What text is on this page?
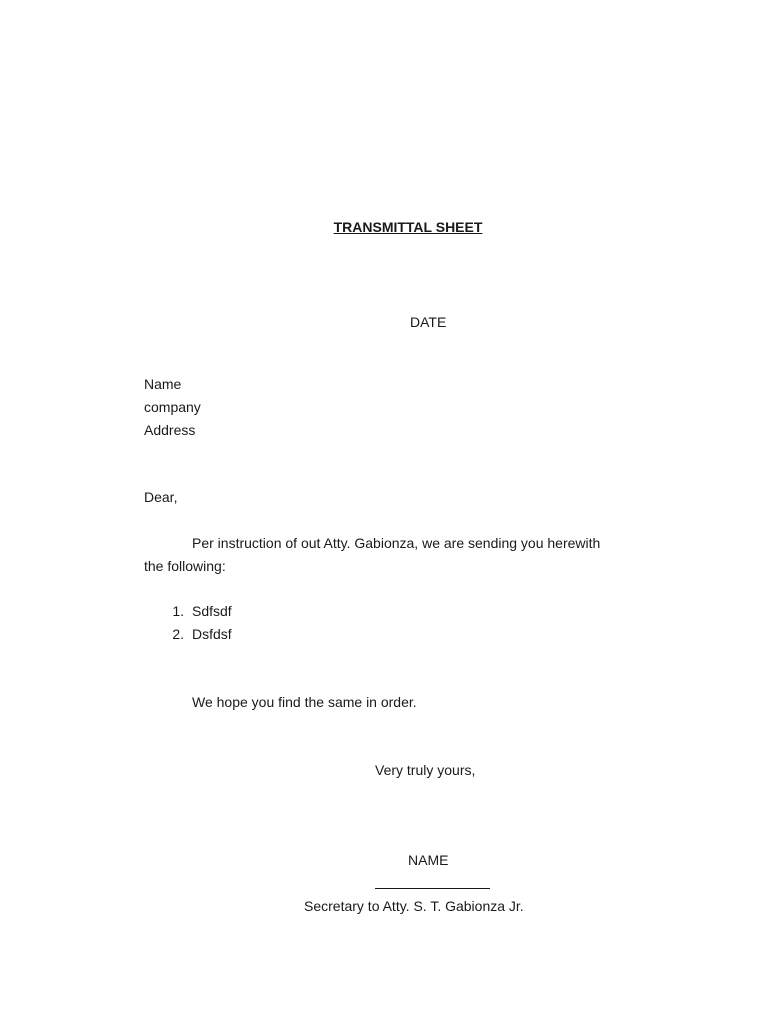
TRANSMITTAL SHEET
DATE
Name
company
Address
Dear,
Per instruction of out Atty. Gabionza, we are sending you herewith
the following:
1. Sdfsdf
2. Dsfdsf
We hope you find the same in order.
Very truly yours,
NAME
Secretary to Atty. S. T. Gabionza Jr.
